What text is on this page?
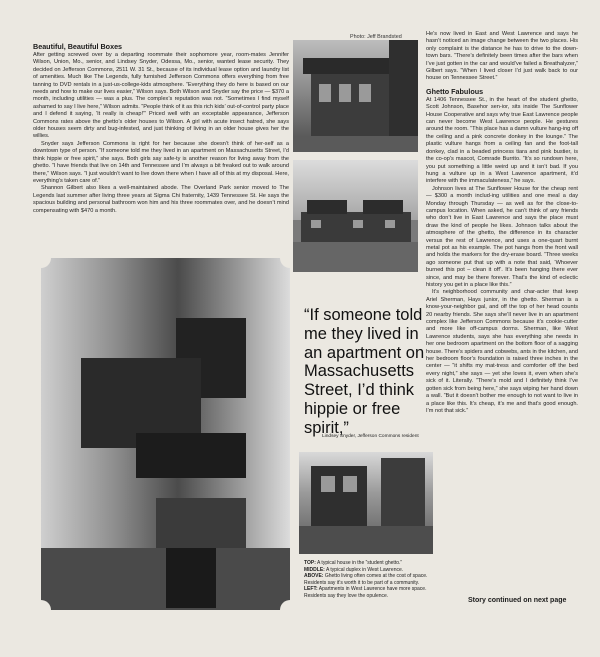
Beautiful, Beautiful Boxes

After getting screwed over by a departing roommate their sophomore year, room-mates Jennifer Wilson, Union, Mo., senior, and Lindsey Snyder, Odessa, Mo., senior, wanted lease security. They decided on Jefferson Commons, 2511 W. 31 St., because of its individual lease option and laundry list of amenities. Much like The Legends, fully furnished Jefferson Commons offers everything from free tanning to DVD rentals in a just-us-college-kids atmosphere. “Everything they do here is based on our needs and how to make our lives easier,” Wilson says. Both Wilson and Snyder say the price — $370 a month, including utilities — was a plus. The complex’s reputation was not. “Sometimes I find myself ashamed to say I live here,” Wilson admits. “People think of it as this rich kids’ out-of-control party place and I defend it saying, ‘It really is cheap!’” Priced well with an exceptable appearance, Jefferson Commons rates above the ghetto’s older houses to Wilson. A girl with acute insect hatred, she says older houses seem dirty and bug-infested, and just thinking of living in an older house gives her the willies.

Snyder says Jefferson Commons is right for her because she doesn’t think of her-self as a downtown type of person. “If someone told me they lived in an apartment on Massachusetts Street, I’d think hippie or free spirit,” she says. Both girls say safe-ty is another reason for living away from the ghetto. “I have friends that live on 14th and Tennessee and I’m always a bit freaked out to walk around there,” Wilson says. “I just wouldn’t want to live down there when I have all of this at my disposal. Here, everything’s taken care of.”

Shannon Gilbert also likes a well-maintained abode. The Overland Park senior moved to The Legends last summer after living three years at Sigma Chi fraternity, 1439 Tennessee St. He says the spacious building and personal bathroom won him and his three roommates over, and he doesn’t mind compensating with $470 a month.

Photo: Jeff Brandsted
“If someone told me they lived in an apartment on Massachusetts Street, I’d think hippie or free spirit,”
Lindsey Snyder, Jefferson Commons resident
TOP: A typical house in the “student ghetto.”
MIDDLE: A typical duplex in West Lawrence.
ABOVE: Ghetto living often comes at the cost of space. Residents say it’s worth it to be part of a community.
LEFT: Apartments in West Lawrence have more space. Residents say they love the opulence.

He’s now lived in East and West Lawrence and says he hasn’t noticed an image change between the two places. His only complaint is the distance he has to drive to the down-town bars. “There’s definitely been times after the bars when I’ve just gotten in the car and would’ve failed a Breathalyzer,” Gilbert says. “When I lived closer I’d just walk back to our house on Tennessee Street.”

Ghetto Fabulous

At 1406 Tennessee St., in the heart of the student ghetto, Scott Johnson, Basehor sen-ior, sits inside The Sunflower House Cooperative and says why true East Lawrence people can never become West Lawrence people. He gestures around the room. “This place has a damn vulture hang-ing off the ceiling and a pink concrete donkey in the lounge.” The plastic vulture hangs from a ceiling fan and the foot-tall donkey, clad in a beaded princess tiara and pink bustier, is the co-op’s mascot, Comrade Burrito. “It’s so rundown here, you put something a little weird up and it isn’t bad. If you hung a vulture up in a West Lawrence apartment, it’d interfere with the immaculateness,” he says.

Johnson lives at The Sunflower House for the cheap rent — $300 a month includ-ing utilities and one meal a day Monday through Thursday — as well as for the close-to-campus location. When asked, he can’t think of any friends who don’t live in East Lawrence and says the place must draw the kind of people he likes. Johnson talks about the atmosphere of the ghetto, the difference in its character versus the rest of Lawrence, and uses a one-quart burnt metal pot as his example. The pot hangs from the front wall and holds the markers for the dry-erase board. “Three weeks ago someone put that up with a note that said, ‘Whoever burned this pot – clean it off’. It’s been hanging there ever since, and may be there forever. That’s the kind of eclectic history you get in a place like this.”

It’s neighborhood community and char-acter that keep Ariel Sherman, Hays junior, in the ghetto. Sherman is a know-your-neighbor gal, and off the top of her head counts 20 nearby friends. She says she’ll never live in an apartment complex like Jefferson Commons because it’s cookie-cutter and more like off-campus dorms. Sherman, like West Lawrence students, says she has everything she needs in her one bedroom apartment on the bottom floor of a sagging house. There’s spiders and cobwebs, ants in the kitchen, and her bedroom floor’s foundation is raised three inches in the center — “it shifts my mat-tress and comforter off the bed every night,” she says — yet she loves it, even when she’s sick of it. Literally. “There’s mold and I definitely think I’ve gotten sick from being here,” she says wiping her hand down a wall. “But it doesn’t bother me enough to not want to live in a place like this. It’s cheap, it’s me and that’s good enough. I’m not that sick.”

Story continued on next page
